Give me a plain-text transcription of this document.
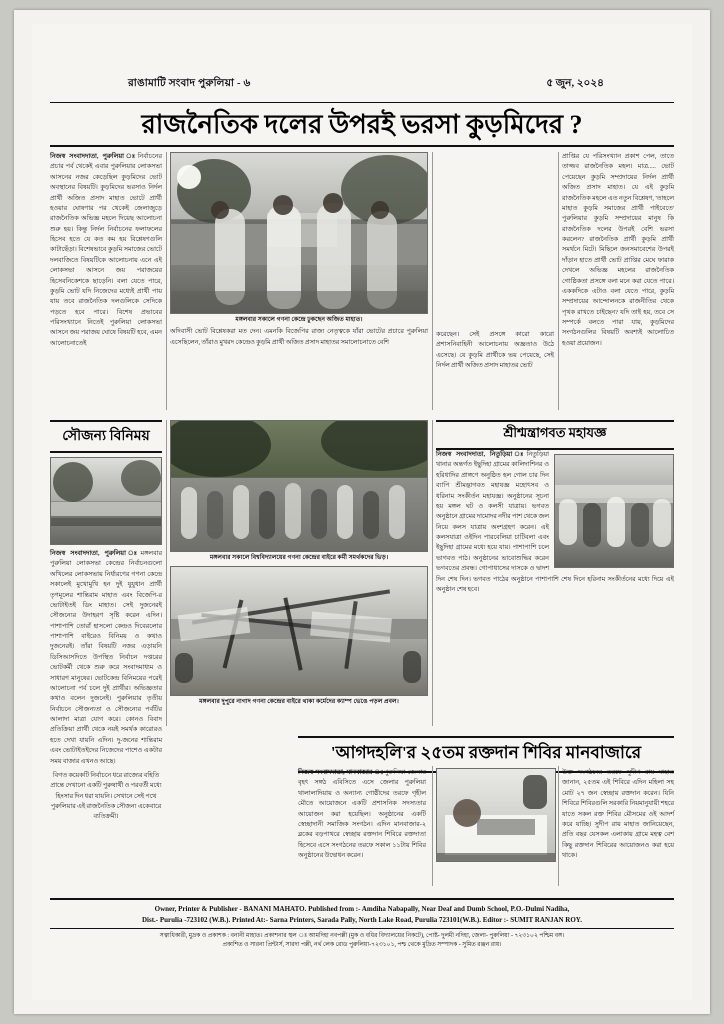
রাঙামাটি সংবাদ পুরুলিয়া - ৬	৫ জুন, ২০২৪
রাজনৈতিক দলের উপরই ভরসা কুড়মিদের ?
নিজস্ব সংবাদদাতা, পুরুলিয়া ঃনির্বাচনের প্রচার পর্ব থেকেই এবার পুরুলিয়ার লোকসভা আসনের নজর কেড়েছিল কুড়মিদের ভোট অবস্থানের বিষয়টি। কুড়মিদের ভরসাও নির্দল প্রার্থী অজিত প্রসাদ মাহাত ভোটে প্রার্থী হওয়ার ঘোষণার পর থেকেই জেলাজুড়ে রাজনৈতিক অভিজ্ঞ মহলে দিয়েছ আলোচনা শুরু হয়। কিন্তু নির্দল নির্বাচনের ফলাফলের হিসেব হতে যে কত কম হয় বিশ্লেষণগুলি কাটাছেঁড়া। বিশেষভাবে কুড়মি সমাজের ভোটে দলবাজিতে বিষয়টিকে আলোচনায় এনে এই লোকসভা আসনে জয় পরাজয়ের হিসেবনিকেশকে ছাড়েনি। বলা যেতে পারে, কুড়মি ভোট যদি নিজেদের মধ্যেই প্রার্থী পায় যায় তবে রাজনৈতিক দলগুলিকে সেদিকে পড়তে হবে পারে। বিশেষ প্রভাবের পরিসংখ্যানে নিতেই পুরুলিয়া লোকসভা আসনে জয় পরাজয় ঘোষে বিষয়টি হবে, এমন আলোচনাতেই
মঙ্গলবার সকালে গণনা কেন্দ্রে ঢুকছেন অজিত মাহাত।
অদিবাসী ভোট বিশ্লেষকরা মত দেন। এমনকি বিজেপির রাজ্য নেতৃত্বকে যাঁরা ভোটের প্রচারে পুরুলিয়া এসেছিলেন, তাঁরাও মুখরদ কেন্দ্রেও কুড়মি প্রার্থী অজিত প্রসাদ মাহাতর সমালোচনাতে বেশি
করেছেন। সেই প্রসঙ্গে কারো কারো প্রশাসনিবাহিনী আলোচনায় অজ্ঞতাও উঠে এসেছে। যে কুড়মি প্রার্থীকে ভয় পেয়েছে, সেই নির্দল প্রার্থী অজিত প্রসাদ মাহাতর ভোট
প্রাপ্তির যে পরিসংখ্যান প্রকাশ পেল, তাতে তাজ্জব রাজনৈতিক মহল। মাত্র..... ভোট পেয়েছেন কুড়মি সম্প্রদায়ের নির্দল প্রার্থী অজিত প্রসাদ মাহাত। যে এই কুড়মি রাজনৈতিক মহলে এত নতুন বিশ্লেষণ, 'তাহলে মাহাত কুড়মি সমাজের প্রার্থী পাইবেতে' পুরুলিয়ার কুড়মি সম্প্রদায়ের মানুষ কি রাজনৈতিক দলের উপরই বেশি ভরসা করলেন? রাজনৈতিক প্রার্থী কুড়মি প্রার্থী সমর্থনে মিটে। মিছিলে জনসমাবেশের উপরই দাঁড়ান হাতে প্রার্থী ভোট প্রাপ্তির মেঘে ফারাক দেখলে অভিজ্ঞ মহলের রাজনৈতিক গোষ্ঠিকতা প্রসঙ্গে বলা মনে করা যেতে পারে। এককদিকে এটাও বলা যেতে পারে, কুড়মি সম্প্রদায়ের আন্দোলনকে রাজনীতির থেকে পৃথক রাখতে চাইছেন? যদি তাই হয়, তবে সে সম্পর্কে বলতে পারা যায়, কুড়মিদের সংগঠনগুলির বিষয়টি অবশ্যই আলোচিত হওয়া প্রয়োজন।
সৌজন্য বিনিময়
নিজস্ব সংবাদদাতা, পুরুলিয়া ঃমঙ্গলবার পুরুলিয়া লোকসভা কেন্দ্রের নির্বাচনগুলো অখিলের লোকসভায় নির্ধারণের গণনা কেন্দ্রে সকালেই মুখোমুখি হন দুই যুযুধান প্রার্থী তৃণমূলের শান্তিরাম মাহাত এবং বিজেপি-র ভোটাইতই ডিং মাহাত। সেই দুজনেরই সৌজন্যের উদাহরণ সৃষ্টি করেন এদিন। পাশাপাশি তোরাঁ হাসলো কেন্দ্রও দিবেরলোর পাশাপাশি বাইরেও বিনিময় ও কথাও দুজনেরই। তাঁরা বিষয়টি নজর এড়ায়নি ডিসিআসদিতে উপস্থিত নির্বাচন দপ্তরের ভোটকর্মী থেকে শুরু করে সংবাদমাধ্যম ও সাধারণ মানুষের। ভোটকেন্দ্র বিনিময়ের পরেই আলোচনা পর্ব চলে দুই প্রার্থীর। অভিজ্ঞতার কথাও বলেন দুজনেই। পুরুলিয়ার তৃতীয় নির্বাচনে সৌজন্যতা ও সৌজন্যের পর্বটির আলাদা মাত্রা যোগ করে। কোনও বিবাদ প্রতিক্রিয়া প্রার্থী থেকে নয়ই সমর্থক কারোরও হতে দেখা যায়নি এদিন। দু-জনের শান্তিরাম এবং ভোটাইতইদের নিজেদের পাশেও একটার সময় বাজার এখনও আছে।
বিগত কয়েকটি নির্বাচনে ধরে রাজ্যের বহিতি প্রান্তে দেখানো একটি পুরুষার্থী ও পরবর্তী মধ্যে হিংসার দিন ধরা যায়নি। সেখানে সেই পথে পুরুলিয়ার এই রাজনৈতিক সৌজন্য একেবারে ব্যতিক্রমী।
মঙ্গলবার সকালে বিশ্ববিদ্যালয়ের গণনা কেন্দ্রের বাইরে কর্মী সমর্থকদের ভিড়।
মঙ্গলবার দুপুরে নাগাদ গণনা কেন্দ্রের বাইরে থাকা কর্মেদের ক্যাম্প ভেঙে পড়ল প্রবল।
শ্রীশ্মন্ত্রাগবত মহাযজ্ঞ
নিজস্ব সংবাদদাতা, নিতুড়িয়া ঃনিতুড়িয়া থানার অন্তর্গত ইছুদিহা গ্রামের কালিদাশিনর ও হরিধাদির প্রাঙ্গণে অনুষ্ঠিত হল গোল চার দিন ব্যাপি শ্রীমদ্ভাগবত মহাযজ্ঞ মহোৎসব ও ধরিনাম সংকীর্তন মহাযজ্ঞ। অনুষ্ঠানের সূচনা হয় মঙ্গল ঘট ও কলসী যাত্রায়। ভগবত অনুষ্ঠানে গ্রামের দামোদর নদীর পাশ থেকে জল নিয়ে কলস যাত্রায় অংশগ্রহণ করেন। এই কলসযাত্রা ওইদিন পারবেলিয়া চাটিবলা এবং ইছুদিহা গ্রামের মধ্যে হয়ে যায়। পাশাপাশি চলে ভাগবত পাঠ। অনুষ্ঠানের ভাবোশুদ্ধির করেন ভগবতের প্রবন্ধ। গোপাধাসের দাসকে ও দ্বাদশ দিন শেষ দিন। ভগবত পাঠের অনুষ্ঠানে পাশাপাশি শেষ দিনে হরিনাম সংকীর্তনের মধ্যে দিয়ে এই অনুষ্ঠান শেষ হবে।
'আগদহলি'র ২৫তম রক্তদান শিবির মানবাজারে
নিজস্ব সংবাদদাতা, মানবাজার ঃপুরুলিয়া জেলার বৃহৎ সঙ্গঠ এবিসিতে এসে জেলার পুরুলিয়া থালালাদিয়ায় ও অন্যান্য গোষ্ঠীদের তরফে গৃহীল মৌতে আয়োজনে একটি প্রশাসনিক সদস্যতার আয়োজন করা হয়েছিল। অনুষ্ঠানের একটি স্বেচ্ছাদানী সমাজিক সংগঠন। এদিন মানবাজার-২ ব্লকের বড়পাথরে স্বেচ্ছায় রক্তদান শিবিরে রক্তদাতা হিসেবে এসে সংগঠনের তরফে সকাল ১১টায় শিবির অনুষ্ঠানের উদ্বোধন করেন।
উক্ত সংগঠনের তরফে সুদীপ রায় মাহাত জানান, ২৫তম এই শিবিরে এদিন মহিলা সহ মোট ২৭ জন স্বেচ্ছায় রক্তদান করেন। যিনি শিবিরে শিবিরগুলি সরকারি নিয়মানুযায়ী শহরে যাতে সকল রক্ত শিবির মৌসমের ওই আদর্শ করে যাচ্ছি। সুদীপ রায় মাহাত জানিয়েছেন, প্রতি বছর যেসকল এলাকায় গ্রামে মহত্ব বেশ কিছু রক্তদান শিবিরের আয়োজনও করা হয়ে থাকে।
Owner, Printer & Publisher - BANANI MAHATO. Published from :- Amdiha Nabapally, Near Deaf and Dumb School, P.O.-Dulmi Nadiha,
Dist.- Purulia -723102 (W.B.). Printed At:- Sarna Printers, Sarada Pally, North Lake Road, Purulia 723101(W.B.). Editor :- SUMIT RANJAN ROY.
সত্বাধিকারী, মুদ্রক ও প্রকাশক : বনানী মাহাত। প্রকাশনার স্থল ঃ আমদিহা নবপল্লী (মুক ও বধির বিদ্যালয়ের নিকটে), পোষ্ট- দুলমী নদিহা, জেলা- পুরুলিয়া - ৭২৩১০২ পশ্চিম বঙ্গ।
প্রকাশিত ও সারনা প্রিন্টার্স, সারদা পল্লী, নর্থ লেক রোড পুরুলিয়া-৭২৩১০১, পশ্চ থেকে মুদ্রিত সম্পাদক - সুমিত রঞ্জন রায়।
